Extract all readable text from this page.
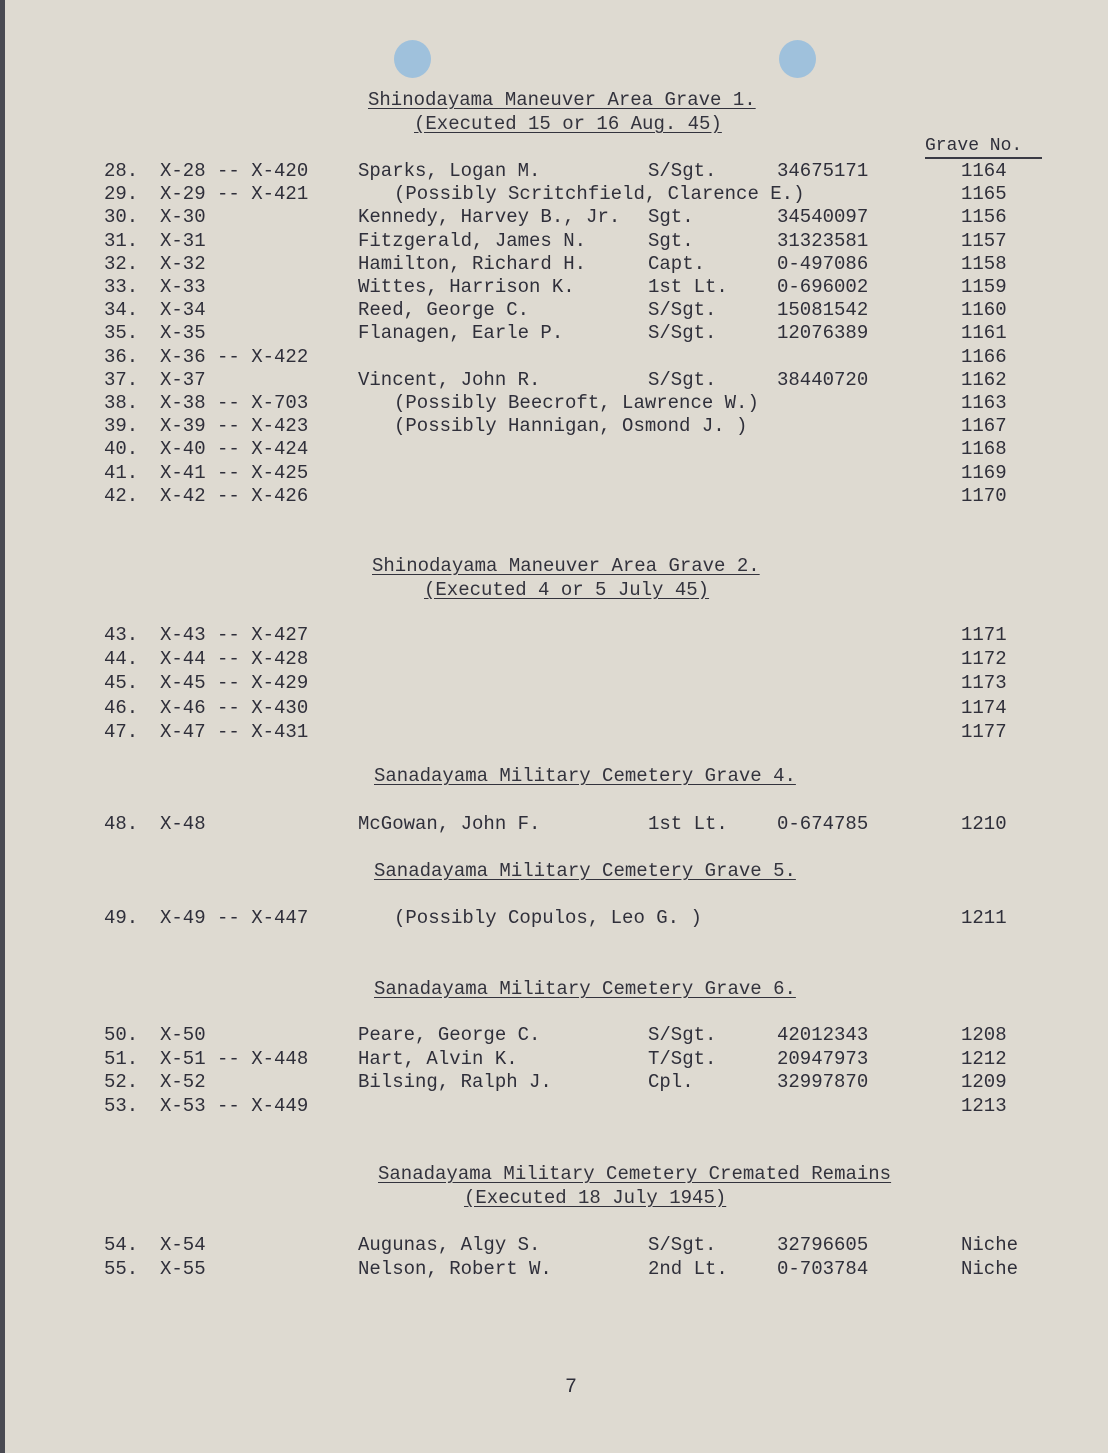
Grave No.
Shinodayama Maneuver Area Grave 1.
(Executed 15 or 16 Aug. 45)
28.	X-28 -- X-420	Sparks, Logan M.	S/Sgt.	34675171	1164
29.	X-29 -- X-421	(Possibly Scritchfield, Clarence E.)	1165
30.	X-30	Kennedy, Harvey B., Jr. Sgt.	34540097	1156
31.	X-31	Fitzgerald, James N.	Sgt.	31323581	1157
32.	X-32	Hamilton, Richard H.	Capt.	0-497086	1158
33.	X-33	Wittes, Harrison K.	1st Lt.	0-696002	1159
34.	X-34	Reed, George C.	S/Sgt.	15081542	1160
35.	X-35	Flanagen, Earle P.	S/Sgt.	12076389	1161
36.	X-36 -- X-422	1166
37.	X-37	Vincent, John R.	S/Sgt.	38440720	1162
38.	X-38 -- X-703	(Possibly Beecroft, Lawrence W.)	1163
39.	X-39 -- X-423	(Possibly Hannigan, Osmond J. )	1167
40.	X-40 -- X-424	1168
41.	X-41 -- X-425	1169
42.	X-42 -- X-426	1170
Shinodayama Maneuver Area Grave 2.
(Executed 4 or 5 July 45)
43.	X-43 -- X-427	1171
44.	X-44 -- X-428	1172
45.	X-45 -- X-429	1173
46.	X-46 -- X-430	1174
47.	X-47 -- X-431	1177
Sanadayama Military Cemetery Grave 4.
48.	X-48	McGowan, John F.	1st Lt.	0-674785	1210
Sanadayama Military Cemetery Grave 5.
49.	X-49 -- X-447	(Possibly Copulos, Leo G. )	1211
Sanadayama Military Cemetery Grave 6.
50.	X-50	Peare, George C.	S/Sgt.	42012343	1208
51.	X-51 -- X-448	Hart, Alvin K.	T/Sgt.	20947973	1212
52.	X-52	Bilsing, Ralph J.	Cpl.	32997870	1209
53.	X-53 -- X-449	1213
Sanadayama Military Cemetery Cremated Remains
(Executed 18 July 1945)
54.	X-54	Augunas, Algy S.	S/Sgt.	32796605	Niche
55.	X-55	Nelson, Robert W.	2nd Lt.	0-703784	Niche
7
